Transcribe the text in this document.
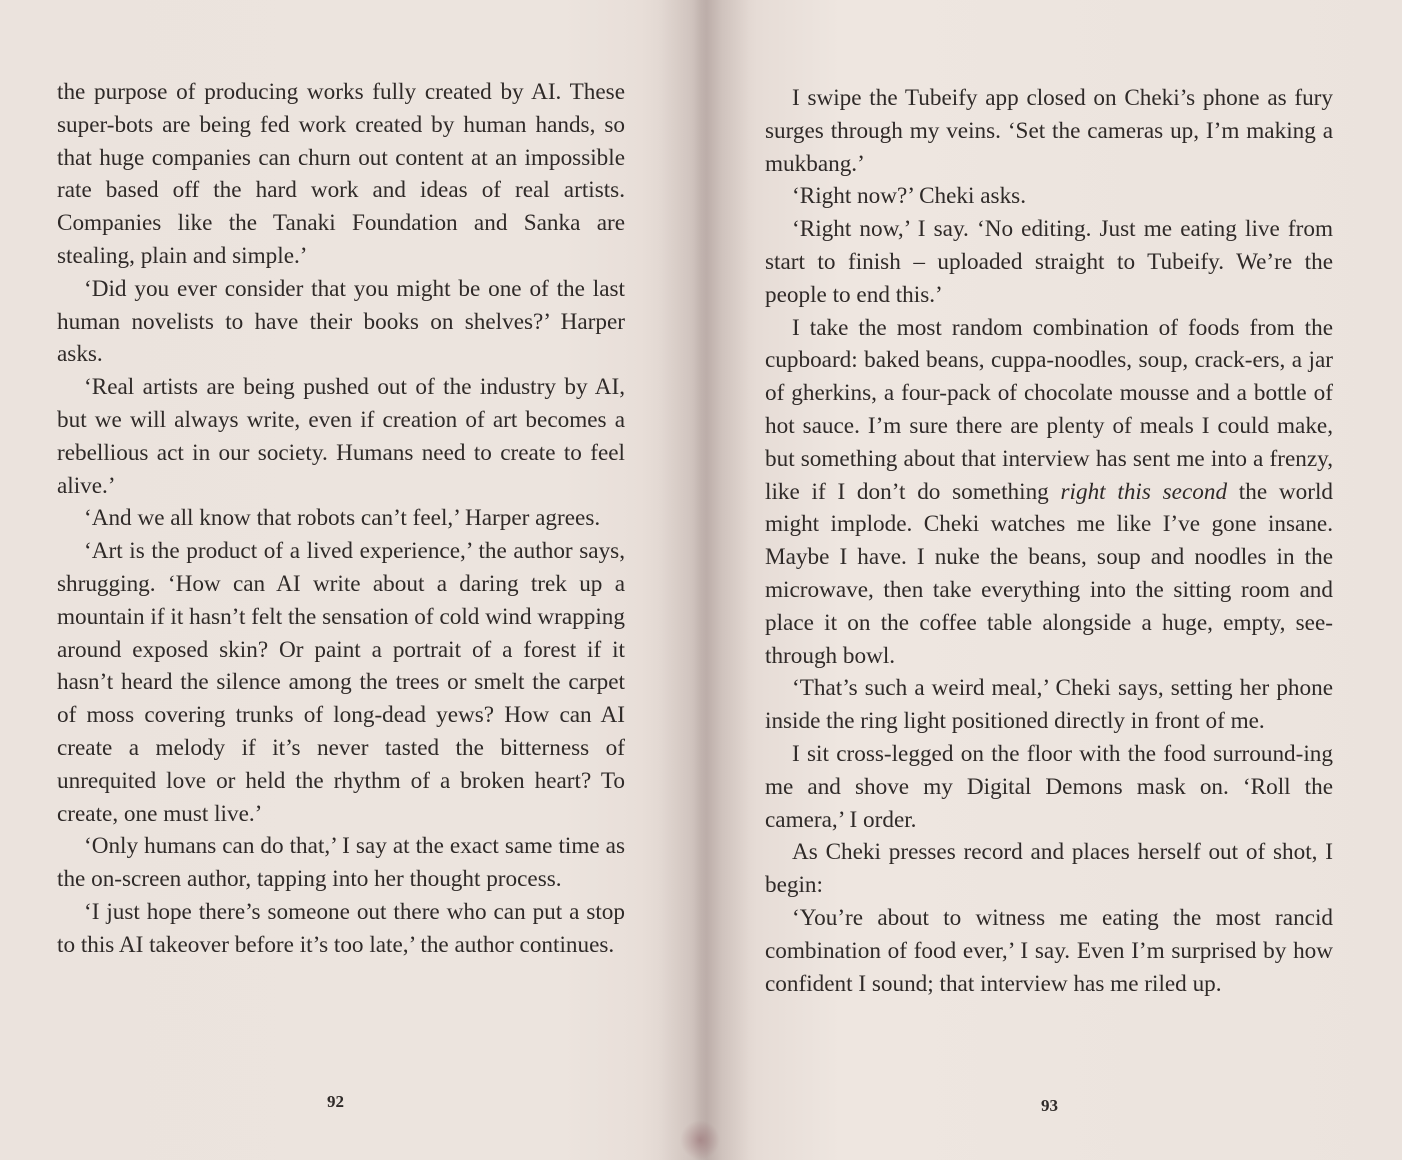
the purpose of producing works fully created by AI. These super-bots are being fed work created by human hands, so that huge companies can churn out content at an impossible rate based off the hard work and ideas of real artists. Companies like the Tanaki Foundation and Sanka are stealing, plain and simple.’

‘Did you ever consider that you might be one of the last human novelists to have their books on shelves?’ Harper asks.

‘Real artists are being pushed out of the industry by AI, but we will always write, even if creation of art becomes a rebellious act in our society. Humans need to create to feel alive.’

‘And we all know that robots can’t feel,’ Harper agrees.

‘Art is the product of a lived experience,’ the author says, shrugging. ‘How can AI write about a daring trek up a mountain if it hasn’t felt the sensation of cold wind wrapping around exposed skin? Or paint a portrait of a forest if it hasn’t heard the silence among the trees or smelt the carpet of moss covering trunks of long-dead yews? How can AI create a melody if it’s never tasted the bitterness of unrequited love or held the rhythm of a broken heart? To create, one must live.’

‘Only humans can do that,’ I say at the exact same time as the on-screen author, tapping into her thought process.

‘I just hope there’s someone out there who can put a stop to this AI takeover before it’s too late,’ the author continues.

I swipe the Tubeify app closed on Cheki’s phone as fury surges through my veins. ‘Set the cameras up, I’m making a mukbang.’

‘Right now?’ Cheki asks.

‘Right now,’ I say. ‘No editing. Just me eating live from start to finish – uploaded straight to Tubeify. We’re the people to end this.’

I take the most random combination of foods from the cupboard: baked beans, cuppa-noodles, soup, crack-ers, a jar of gherkins, a four-pack of chocolate mousse and a bottle of hot sauce. I’m sure there are plenty of meals I could make, but something about that interview has sent me into a frenzy, like if I don’t do something right this second the world might implode. Cheki watches me like I’ve gone insane. Maybe I have. I nuke the beans, soup and noodles in the microwave, then take everything into the sitting room and place it on the coffee table alongside a huge, empty, see-through bowl.

‘That’s such a weird meal,’ Cheki says, setting her phone inside the ring light positioned directly in front of me.

I sit cross-legged on the floor with the food surround-ing me and shove my Digital Demons mask on. ‘Roll the camera,’ I order.

As Cheki presses record and places herself out of shot, I begin:

‘You’re about to witness me eating the most rancid combination of food ever,’ I say. Even I’m surprised by how confident I sound; that interview has me riled up.

92	93
